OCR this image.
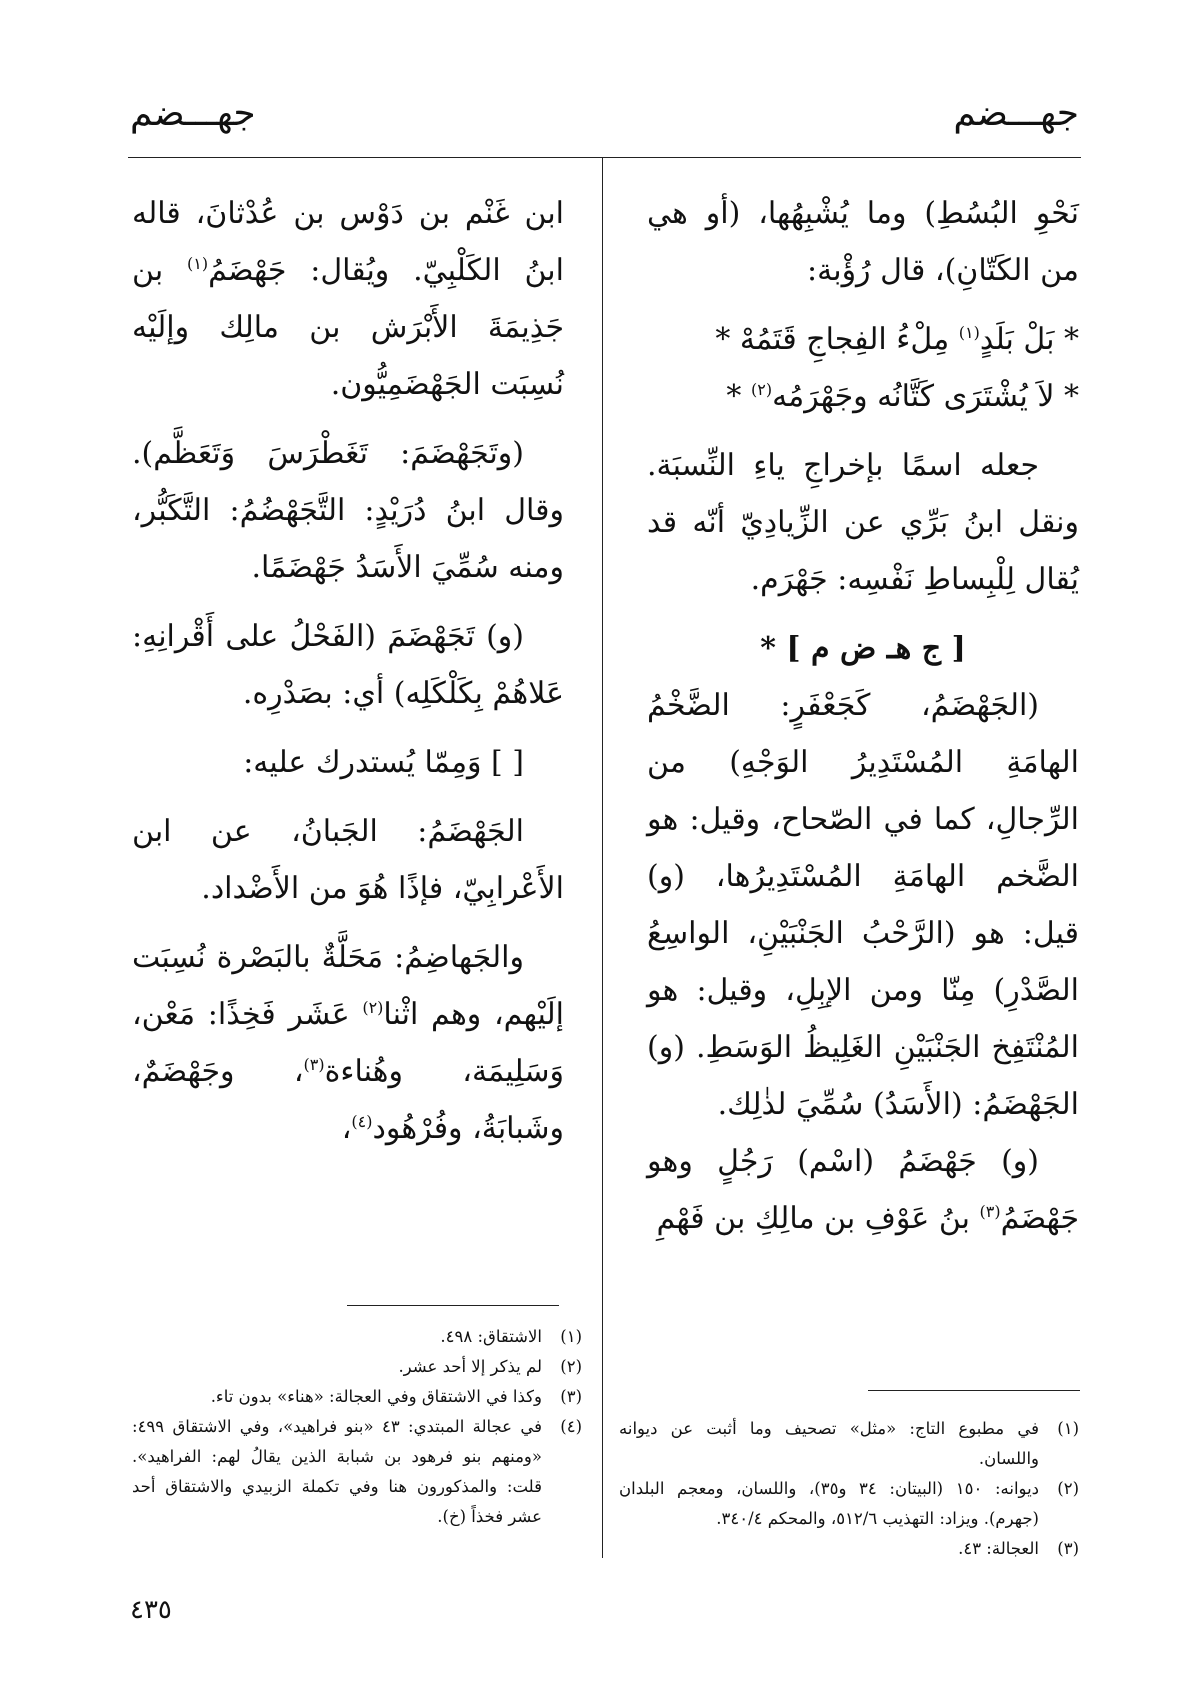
جهـــضم
جهـــضم

نَحْوِ البُسُطِ) وما يُشْبِهُها، (أو هي من الكَتّانِ)، قال رُؤْبة:

* بَلْ بَلَدٍ$^{(١)}$ مِلْءُ الفِجاجِ قَتَمُهْ *

* لاَ يُشْتَرَى كَتَّانُه وجَهْرَمُه$^{(٢)}$ *

جعله اسمًا بإخراجِ ياءِ النِّسبَة. ونقل ابنُ بَرِّي عن الزِّيادِيّ أنّه قد يُقال لِلْبِساطِ نَفْسِه: جَهْرَم.

[ ج هـ ض م ] *

(الجَهْضَمُ، كَجَعْفَرٍ: الضَّخْمُ الهامَةِ المُسْتَدِيرُ الوَجْهِ) من الرِّجالِ، كما في الصّحاح، وقيل: هو الضَّخم الهامَةِ المُسْتَدِيرُها، (و) قيل: هو (الرَّحْبُ الجَنْبَيْنِ، الواسِعُ الصَّدْرِ) مِنّا ومن الإبِلِ، وقيل: هو المُنْتَفِخ الجَنْبَيْنِ الغَلِيظُ الوَسَطِ. (و) الجَهْضَمُ: (الأَسَدُ) سُمِّيَ لذٰلِك.

(و) جَهْضَمُ (اسْم) رَجُلٍ وهو جَهْضَمُ$^{(٣)}$ بنُ عَوْفِ بن مالِكِ بن فَهْمِ

ابن غَنْم بن دَوْس بن عُدْثانَ، قاله ابنُ الكَلْبِيّ. ويُقال: جَهْضَمُ$^{(١)}$ بن جَذِيمَةَ الأَبْرَش بن مالِك وإلَيْه نُسِبَت الجَهْضَمِيُّون.

(وتَجَهْضَمَ: تَغَطْرَسَ وَتَعَظَّم). وقال ابنُ دُرَيْدٍ: التَّجَهْضُمُ: التَّكَبُّر، ومنه سُمِّيَ الأَسَدُ جَهْضَمًا.

(و) تَجَهْضَمَ (الفَحْلُ على أَقْرانِهِ: عَلاهُمْ بِكَلْكَلِه) أي: بصَدْرِه.

[ ] وَمِمّا يُستدرك عليه:

الجَهْضَمُ: الجَبانُ، عن ابن الأَعْرابِيّ، فإذًا هُوَ من الأَضْداد.

والجَهاضِمُ: مَحَلَّةٌ بالبَصْرة نُسِبَت إلَيْهم، وهم اثْنا$^{(٢)}$ عَشَر فَخِذًا: مَعْن، وَسَلِيمَة، وهُناءة$^{(٣)}$، وجَهْضَمٌ، وشَبابَةُ، وفُرْهُود$^{(٤)}$،

(١)
في مطبوع التاج: «مثل» تصحيف وما أثبت عن ديوانه واللسان.
(٢)
ديوانه: ١٥٠ (البيتان: ٣٤ و٣٥)، واللسان، ومعجم البلدان (جهرم). ويزاد: التهذيب ٥١٢/٦، والمحكم ٣٤٠/٤.
(٣)
العجالة: ٤٣.
(١)
الاشتقاق: ٤٩٨.
(٢)
لم يذكر إلا أحد عشر.
(٣)
وكذا في الاشتقاق وفي العجالة: «هناء» بدون تاء.
(٤)
في عجالة المبتدي: ٤٣ «بنو فراهيد»، وفي الاشتقاق ٤٩٩: «ومنهم بنو فرهود بن شبابة الذين يقالُ لهم: الفراهيد». قلت: والمذكورون هنا وفي تكملة الزبيدي والاشتقاق أحد عشر فخذاً (خ).
٤٣٥
